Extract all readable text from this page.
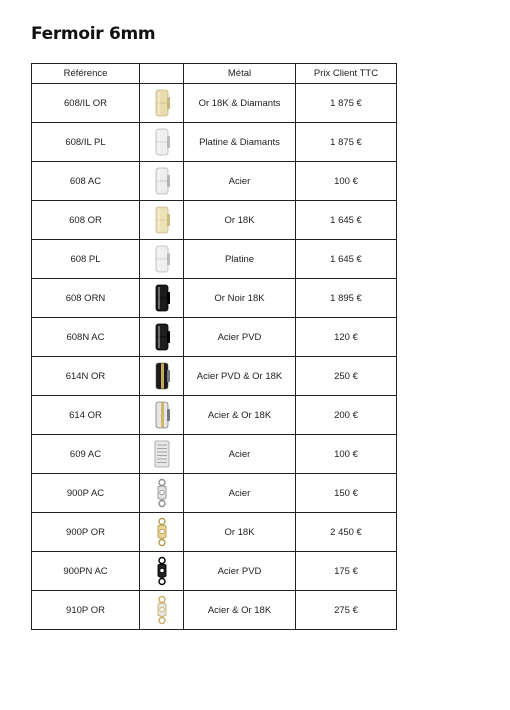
Fermoir 6mm
Référence		Métal	Prix Client TTC
608/IL OR		Or 18K & Diamants	1 875 €
608/IL PL		Platine & Diamants	1 875 €
608 AC		Acier	100 €
608 OR		Or 18K	1 645 €
608 PL		Platine	1 645 €
608 ORN		Or Noir 18K	1 895 €
608N AC		Acier PVD	120 €
614N OR		Acier PVD & Or 18K	250 €
614 OR		Acier & Or 18K	200 €
609 AC		Acier	100 €
900P AC		Acier	150 €
900P OR		Or 18K	2 450 €
900PN AC		Acier PVD	175 €
910P OR		Acier & Or 18K	275 €
